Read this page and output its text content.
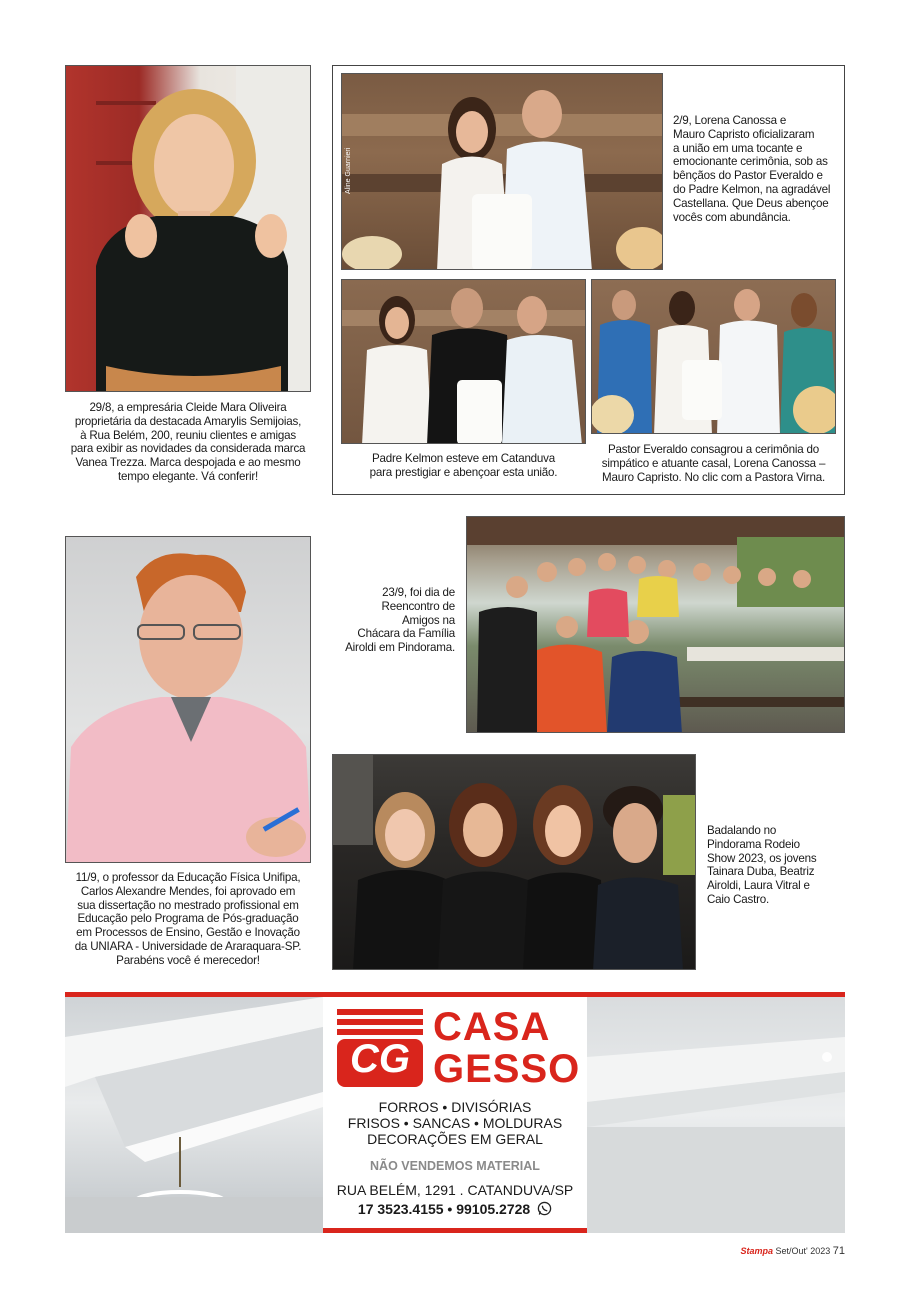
29/8, a empresária Cleide Mara Oliveira
proprietária da destacada Amarylis Semijoias,
à Rua Belém, 200, reuniu clientes e amigas
para exibir as novidades da considerada marca
Vanea Trezza. Marca despojada e ao mesmo
tempo elegante. Vá conferir!
Aline Guarnieri
2/9, Lorena Canossa e
Mauro Capristo oficializaram
a união em uma tocante e
emocionante cerimônia, sob as
bênçãos do Pastor Everaldo e
do Padre Kelmon, na agradável
Castellana. Que Deus abençoe
vocês com abundância.
Padre Kelmon esteve em Catanduva
para prestigiar e abençoar esta união.
Pastor Everaldo consagrou a cerimônia do
simpático e atuante casal, Lorena Canossa –
Mauro Capristo. No clic com a Pastora Virna.
23/9, foi dia de
Reencontro de
Amigos na
Chácara da Família
Airoldi em Pindorama.
11/9, o professor da Educação Física Unifipa,
Carlos Alexandre Mendes, foi aprovado em
sua dissertação no mestrado profissional em
Educação pelo Programa de Pós-graduação
em Processos de Ensino, Gestão e Inovação
da UNIARA - Universidade de Araraquara-SP.
Parabéns você é merecedor!
Badalando no
Pindorama Rodeio
Show 2023, os jovens
Tainara Duba, Beatriz
Airoldi, Laura Vitral e
Caio Castro.
CG
CASA
GESSO
FORROS • DIVISÓRIAS
FRISOS • SANCAS • MOLDURAS
DECORAÇÕES EM GERAL
NÃO VENDEMOS MATERIAL
RUA BELÉM, 1291 . CATANDUVA/SP
17 3523.4155 • 99105.2728
Stampa Set/Out' 2023 71
